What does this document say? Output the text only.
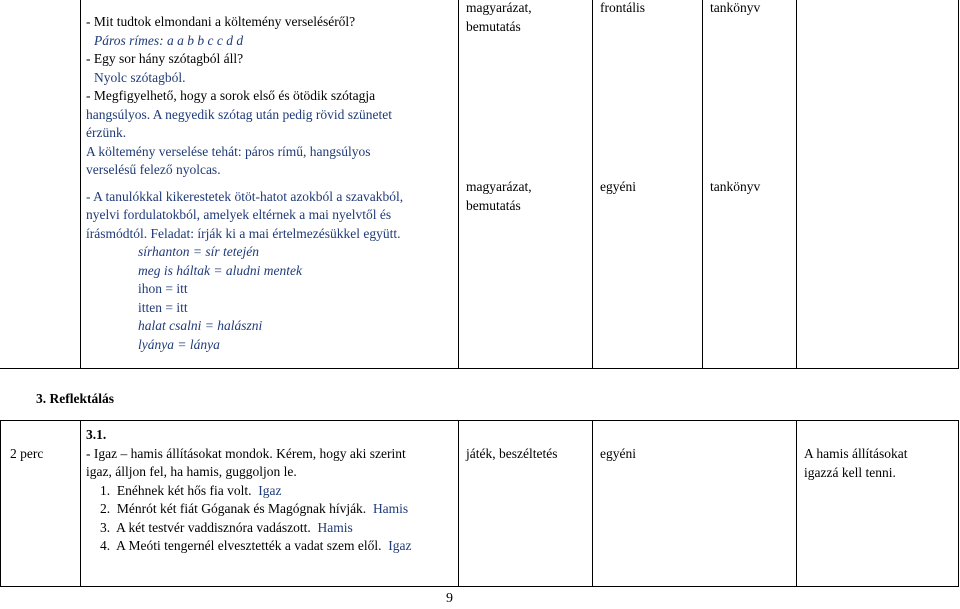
- Mit tudtok elmondani a költemény verseléséről?
Páros rímes: a a b b c c d d
- Egy sor hány szótagból áll?
Nyolc szótagból.
- Megfigyelhető, hogy a sorok első és ötödik szótagja
hangsúlyos. A negyedik szótag után pedig rövid szünetet
érzünk.
A költemény verselése tehát: páros rímű, hangsúlyos
verselésű felező nyolcas.
- A tanulókkal kikerestetek ötöt-hatot azokból a szavakból,
nyelvi fordulatokból, amelyek eltérnek a mai nyelvtől és
írásmódtól. Feladat: írják ki a mai értelmezésükkel együtt.
sírhanton = sír tetején
meg is háltak = aludni mentek
ihon = itt
itten = itt
halat csalni = halászni
lyánya = lánya
magyarázat,
bemutatás
magyarázat,
bemutatás
frontális
egyéni
tankönyv
tankönyv
3. Reflektálás
2 perc
3.1.
- Igaz – hamis állításokat mondok. Kérem, hogy aki szerint
igaz, álljon fel, ha hamis, guggoljon le.
1.  Enéhnek két hős fia volt.  Igaz
2.  Ménrót két fiát Góganak és Magógnak hívják.  Hamis
3.  A két testvér vaddisznóra vadászott.  Hamis
4.  A Meóti tengernél elvesztették a vadat szem elől.  Igaz
játék, beszéltetés	egyéni	A hamis állításokat
igazzá kell tenni.
9
